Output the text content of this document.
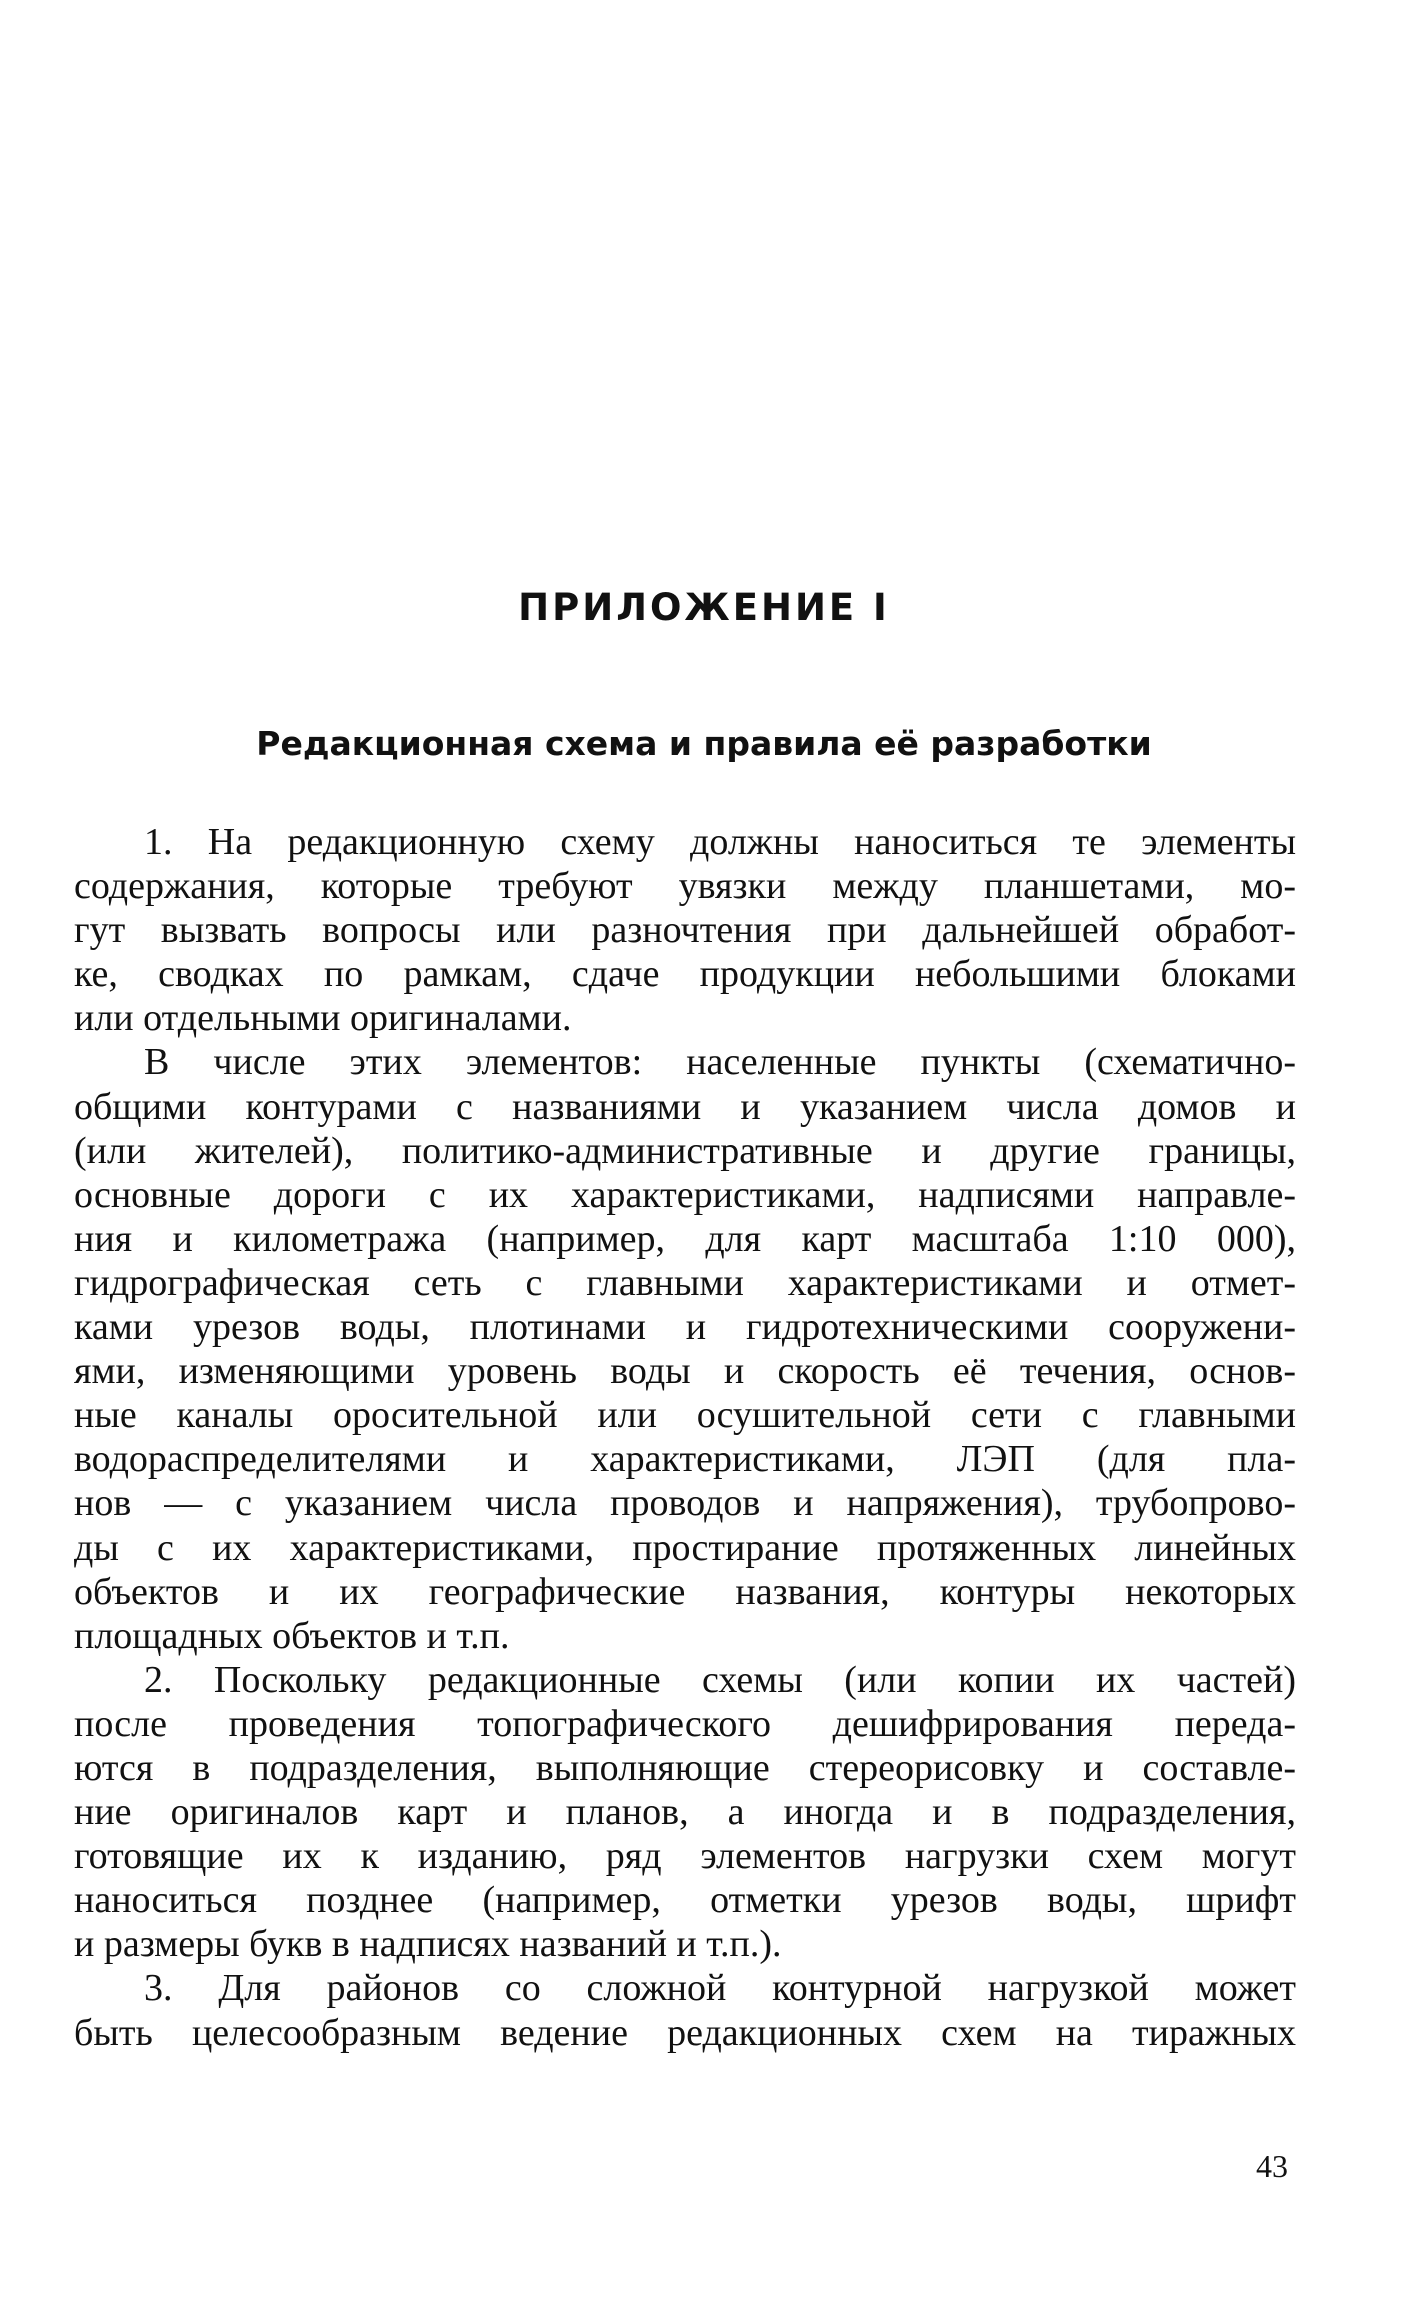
ПРИЛОЖЕНИЕ I
Редакционная схема и правила её разработки
1. На редакционную схему должны наноситься те элементы
содержания, которые требуют увязки между планшетами, мо-
гут вызвать вопросы или разночтения при дальнейшей обработ-
ке, сводках по рамкам, сдаче продукции небольшими блоками
или отдельными оригиналами.
В числе этих элементов: населенные пункты (схематично-
общими контурами с названиями и указанием числа домов и
(или жителей), политико-административные и другие границы,
основные дороги с их характеристиками, надписями направле-
ния и километража (например, для карт масштаба 1:10 000),
гидрографическая сеть с главными характеристиками и отмет-
ками урезов воды, плотинами и гидротехническими сооружени-
ями, изменяющими уровень воды и скорость её течения, основ-
ные каналы оросительной или осушительной сети с главными
водораспределителями и характеристиками, ЛЭП (для пла-
нов — с указанием числа проводов и напряжения), трубопрово-
ды с их характеристиками, простирание протяженных линейных
объектов и их географические названия, контуры некоторых
площадных объектов и т.п.
2. Поскольку редакционные схемы (или копии их частей)
после проведения топографического дешифрирования переда-
ются в подразделения, выполняющие стереорисовку и составле-
ние оригиналов карт и планов, а иногда и в подразделения,
готовящие их к изданию, ряд элементов нагрузки схем могут
наноситься позднее (например, отметки урезов воды, шрифт
и размеры букв в надписях названий и т.п.).
3. Для районов со сложной контурной нагрузкой может
быть целесообразным ведение редакционных схем на тиражных
43
